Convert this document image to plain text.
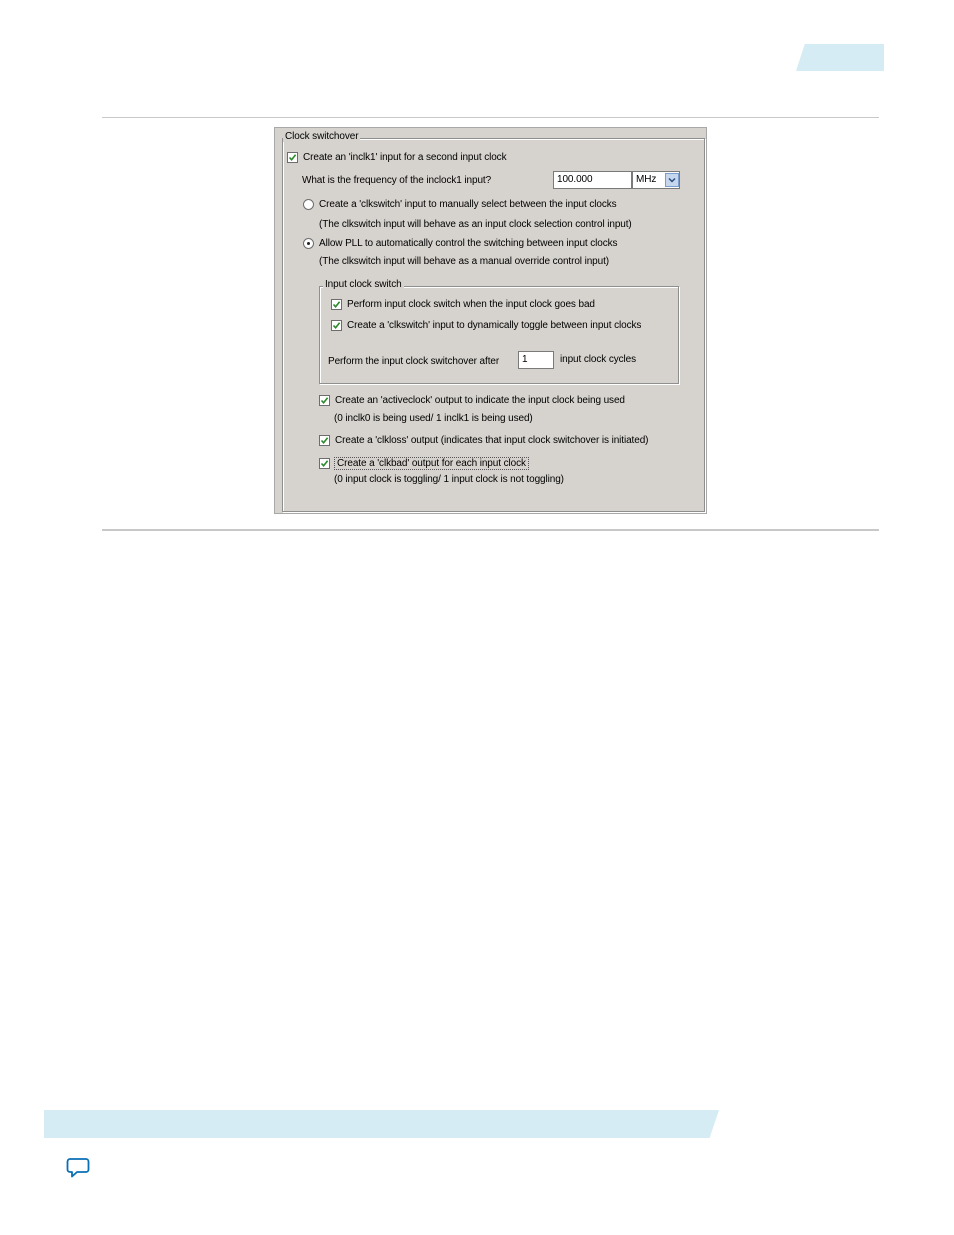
Clock switchover
Create an 'inclk1' input for a second input clock
What is the frequency of the inclock1 input?	100.000	MHz
Create a 'clkswitch' input to manually select between the input clocks
(The clkswitch input will behave as an input clock selection control input)
Allow PLL to automatically control the switching between input clocks
(The clkswitch input will behave as a manual override control input)
Input clock switch
Perform input clock switch when the input clock goes bad
Create a 'clkswitch' input to dynamically toggle between input clocks
Perform the input clock switchover after	1	input clock cycles
Create an 'activeclock' output to indicate the input clock being used
(0 inclk0 is being used/ 1 inclk1 is being used)
Create a 'clkloss' output (indicates that input clock switchover is initiated)
Create a 'clkbad' output for each input clock
(0 input clock is toggling/ 1 input clock is not toggling)
